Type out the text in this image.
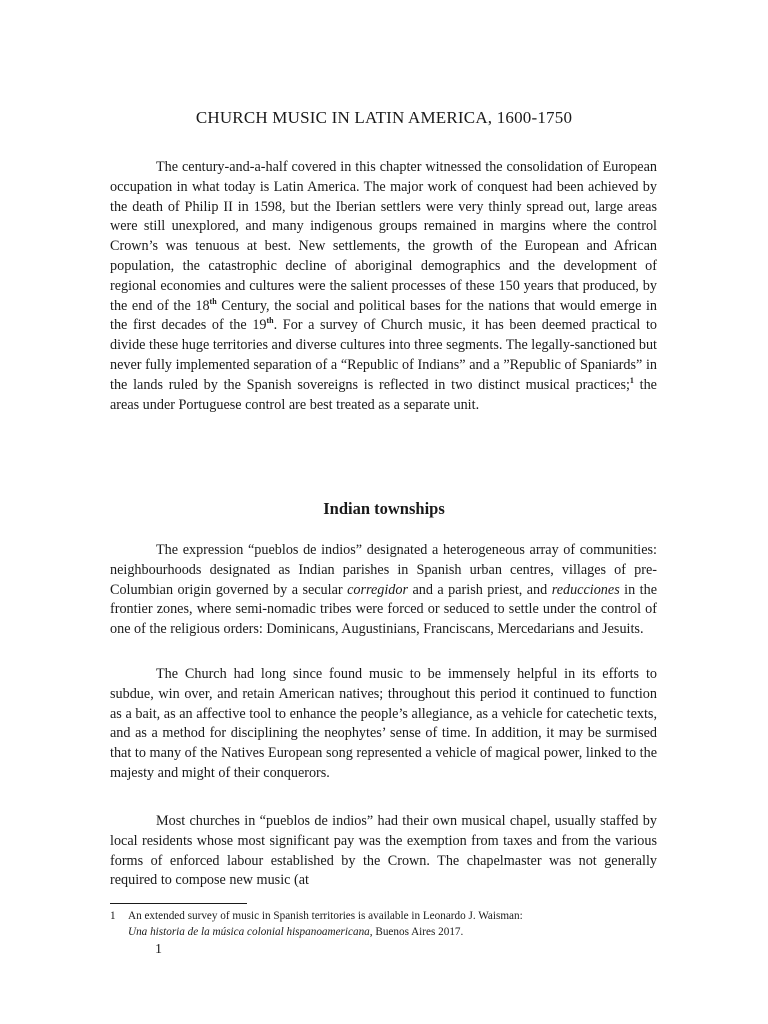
CHURCH MUSIC IN LATIN AMERICA, 1600-1750

The century-and-a-half covered in this chapter witnessed the consolidation of European occupation in what today is Latin America. The major work of conquest had been achieved by the death of Philip II in 1598, but the Iberian settlers were very thinly spread out, large areas were still unexplored, and many indigenous groups remained in margins where the control Crown’s was tenuous at best. New settlements, the growth of the European and African population, the catastrophic decline of aboriginal demographics and the development of regional economies and cultures were the salient processes of these 150 years that produced, by the end of the 18th Century, the social and political bases for the nations that would emerge in the first decades of the 19th. For a survey of Church music, it has been deemed practical to divide these huge territories and diverse cultures into three segments. The legally-sanctioned but never fully implemented separation of a “Republic of Indians” and a ”Republic of Spaniards” in the lands ruled by the Spanish sovereigns is reflected in two distinct musical practices;$^1$ the areas under Portuguese control are best treated as a separate unit.

Indian townships

The expression “pueblos de indios” designated a heterogeneous array of communities: neighbourhoods designated as Indian parishes in Spanish urban centres, villages of pre-Columbian origin governed by a secular corregidor and a parish priest, and reducciones in the frontier zones, where semi-nomadic tribes were forced or seduced to settle under the control of one of the religious orders: Dominicans, Augustinians, Franciscans, Mercedarians and Jesuits.

The Church had long since found music to be immensely helpful in its efforts to subdue, win over, and retain American natives; throughout this period it continued to function as a bait, as an affective tool to enhance the people’s allegiance, as a vehicle for catechetic texts, and as a method for disciplining the neophytes’ sense of time. In addition, it may be surmised that to many of the Natives European song represented a vehicle of magical power, linked to the majesty and might of their conquerors.

Most churches in “pueblos de indios” had their own musical chapel, usually staffed by local residents whose most significant pay was the exemption from taxes and from the various forms of enforced labour established by the Crown. The chapelmaster was not generally required to compose new music (at

1 An extended survey of music in Spanish territories is available in Leonardo J. Waisman:
Una historia de la música colonial hispanoamericana, Buenos Aires 2017.

1
